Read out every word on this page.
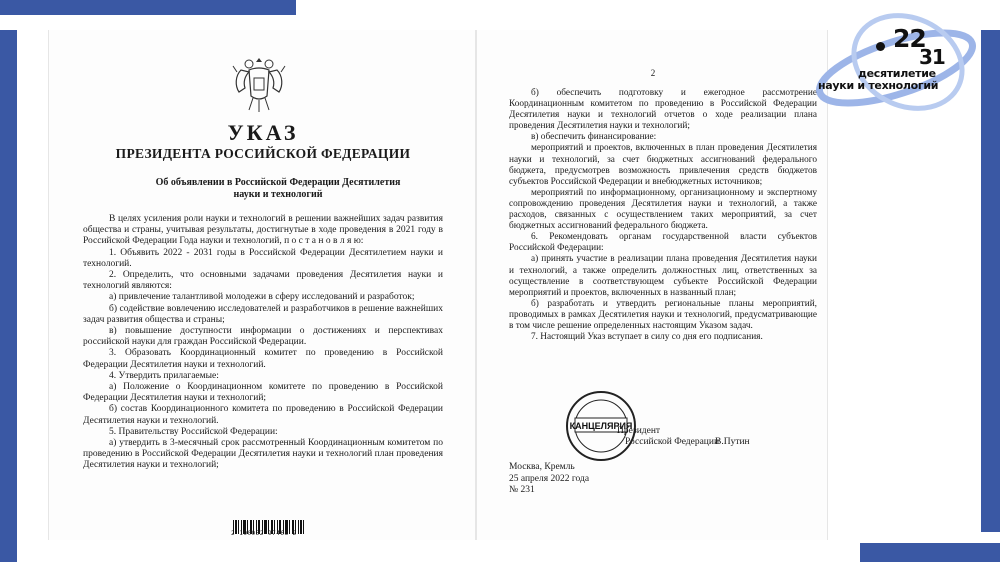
УКАЗ
ПРЕЗИДЕНТА РОССИЙСКОЙ ФЕДЕРАЦИИ
Об объявлении в Российской Федерации Десятилетия науки и технологий

В целях усиления роли науки и технологий в решении важнейших задач развития общества и страны, учитывая результаты, достигнутые в ходе проведения в 2021 году в Российской Федерации Года науки и технологий, п о с т а н о в л я ю:

1. Объявить 2022 - 2031 годы в Российской Федерации Десятилетием науки и технологий.

2. Определить, что основными задачами проведения Десятилетия науки и технологий являются:

а) привлечение талантливой молодежи в сферу исследований и разработок;

б) содействие вовлечению исследователей и разработчиков в решение важнейших задач развития общества и страны;

в) повышение доступности информации о достижениях и перспективах российской науки для граждан Российской Федерации.

3. Образовать Координационный комитет по проведению в Российской Федерации Десятилетия науки и технологий.

4. Утвердить прилагаемые:

а) Положение о Координационном комитете по проведению в Российской Федерации Десятилетия науки и технологий;

б) состав Координационного комитета по проведению в Российской Федерации Десятилетия науки и технологий.

5. Правительству Российской Федерации:

а) утвердить в 3-месячный срок рассмотренный Координационным комитетом по проведению в Российской Федерации Десятилетия науки и технологий план проведения Десятилетия науки и технологий;

2 100052 97468 2
2

б) обеспечить подготовку и ежегодное рассмотрение Координационным комитетом по проведению в Российской Федерации Десятилетия науки и технологий отчетов о ходе реализации плана проведения Десятилетия науки и технологий;

в) обеспечить финансирование:

мероприятий и проектов, включенных в план проведения Десятилетия науки и технологий, за счет бюджетных ассигнований федерального бюджета, предусмотрев возможность привлечения средств бюджетов субъектов Российской Федерации и внебюджетных источников;

мероприятий по информационному, организационному и экспертному сопровождению проведения Десятилетия науки и технологий, а также расходов, связанных с осуществлением таких мероприятий, за счет бюджетных ассигнований федерального бюджета.

6. Рекомендовать органам государственной власти субъектов Российской Федерации:

а) принять участие в реализации плана проведения Десятилетия науки и технологий, а также определить должностных лиц, ответственных за осуществление в соответствующем субъекте Российской Федерации мероприятий и проектов, включенных в названный план;

б) разработать и утвердить региональные планы мероприятий, проводимых в рамках Десятилетия науки и технологий, предусматривающие в том числе решение определенных настоящим Указом задач.

7. Настоящий Указ вступает в силу со дня его подписания.

КАНЦЕЛЯРИЯ
Президент
Российской Федерации
В.Путин
Москва, Кремль
25 апреля 2022 года
№ 231
22
31
десятилетие
науки и технологий
